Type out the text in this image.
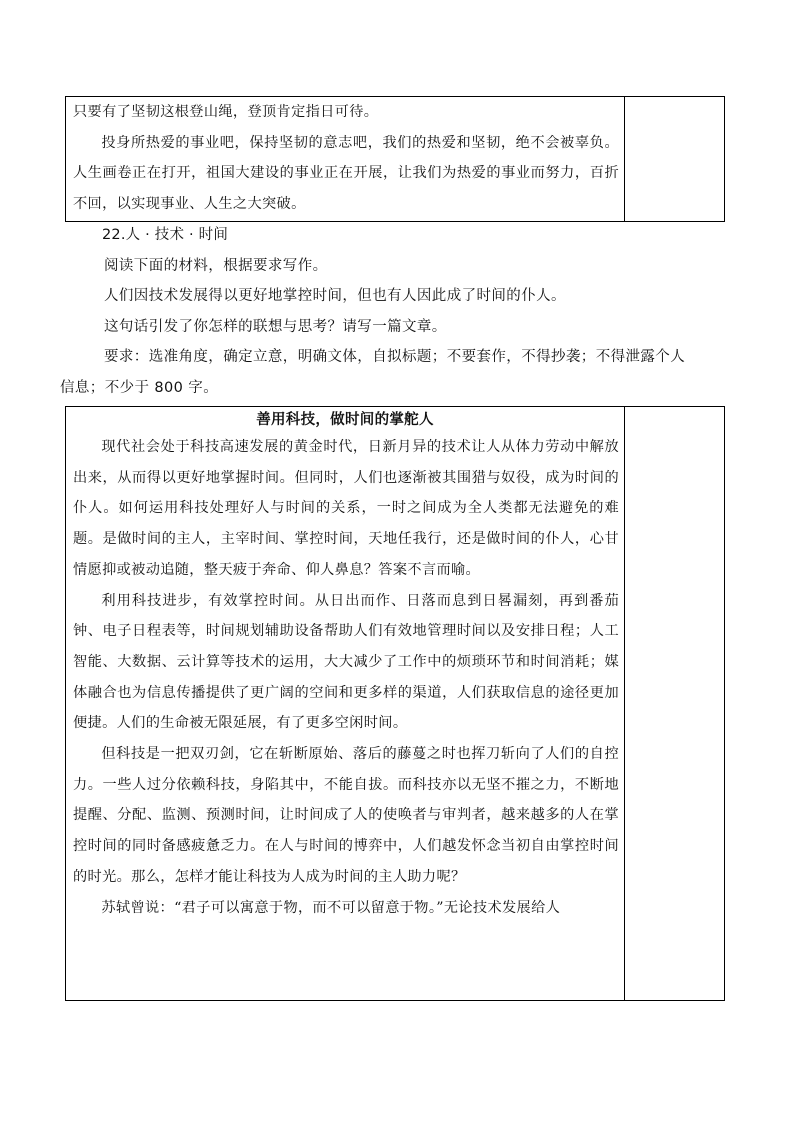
只要有了坚韧这根登山绳，登顶肯定指日可待。

投身所热爱的事业吧，保持坚韧的意志吧，我们的热爱和坚韧，绝不会被辜负。人生画卷正在打开，祖国大建设的事业正在开展，让我们为热爱的事业而努力，百折不回，以实现事业、人生之大突破。

22.人 · 技术 · 时间

阅读下面的材料，根据要求写作。

人们因技术发展得以更好地掌控时间，但也有人因此成了时间的仆人。

这句话引发了你怎样的联想与思考？请写一篇文章。

要求：选准角度，确定立意，明确文体，自拟标题；不要套作，不得抄袭；不得泄露个人

信息；不少于 800 字。

善用科技，做时间的掌舵人

现代社会处于科技高速发展的黄金时代，日新月异的技术让人从体力劳动中解放出来，从而得以更好地掌握时间。但同时，人们也逐渐被其围猎与奴役，成为时间的仆人。如何运用科技处理好人与时间的关系，一时之间成为全人类都无法避免的难题。是做时间的主人，主宰时间、掌控时间，天地任我行，还是做时间的仆人，心甘情愿抑或被动追随，整天疲于奔命、仰人鼻息？答案不言而喻。

利用科技进步，有效掌控时间。从日出而作、日落而息到日晷漏刻，再到番茄钟、电子日程表等，时间规划辅助设备帮助人们有效地管理时间以及安排日程；人工智能、大数据、云计算等技术的运用，大大减少了工作中的烦琐环节和时间消耗；媒体融合也为信息传播提供了更广阔的空间和更多样的渠道，人们获取信息的途径更加便捷。人们的生命被无限延展，有了更多空闲时间。

但科技是一把双刃剑，它在斩断原始、落后的藤蔓之时也挥刀斩向了人们的自控力。一些人过分依赖科技，身陷其中，不能自拔。而科技亦以无坚不摧之力，不断地提醒、分配、监测、预测时间，让时间成了人的使唤者与审判者，越来越多的人在掌控时间的同时备感疲惫乏力。在人与时间的博弈中，人们越发怀念当初自由掌控时间的时光。那么，怎样才能让科技为人成为时间的主人助力呢？

苏轼曾说：“君子可以寓意于物，而不可以留意于物。”无论技术发展给人
